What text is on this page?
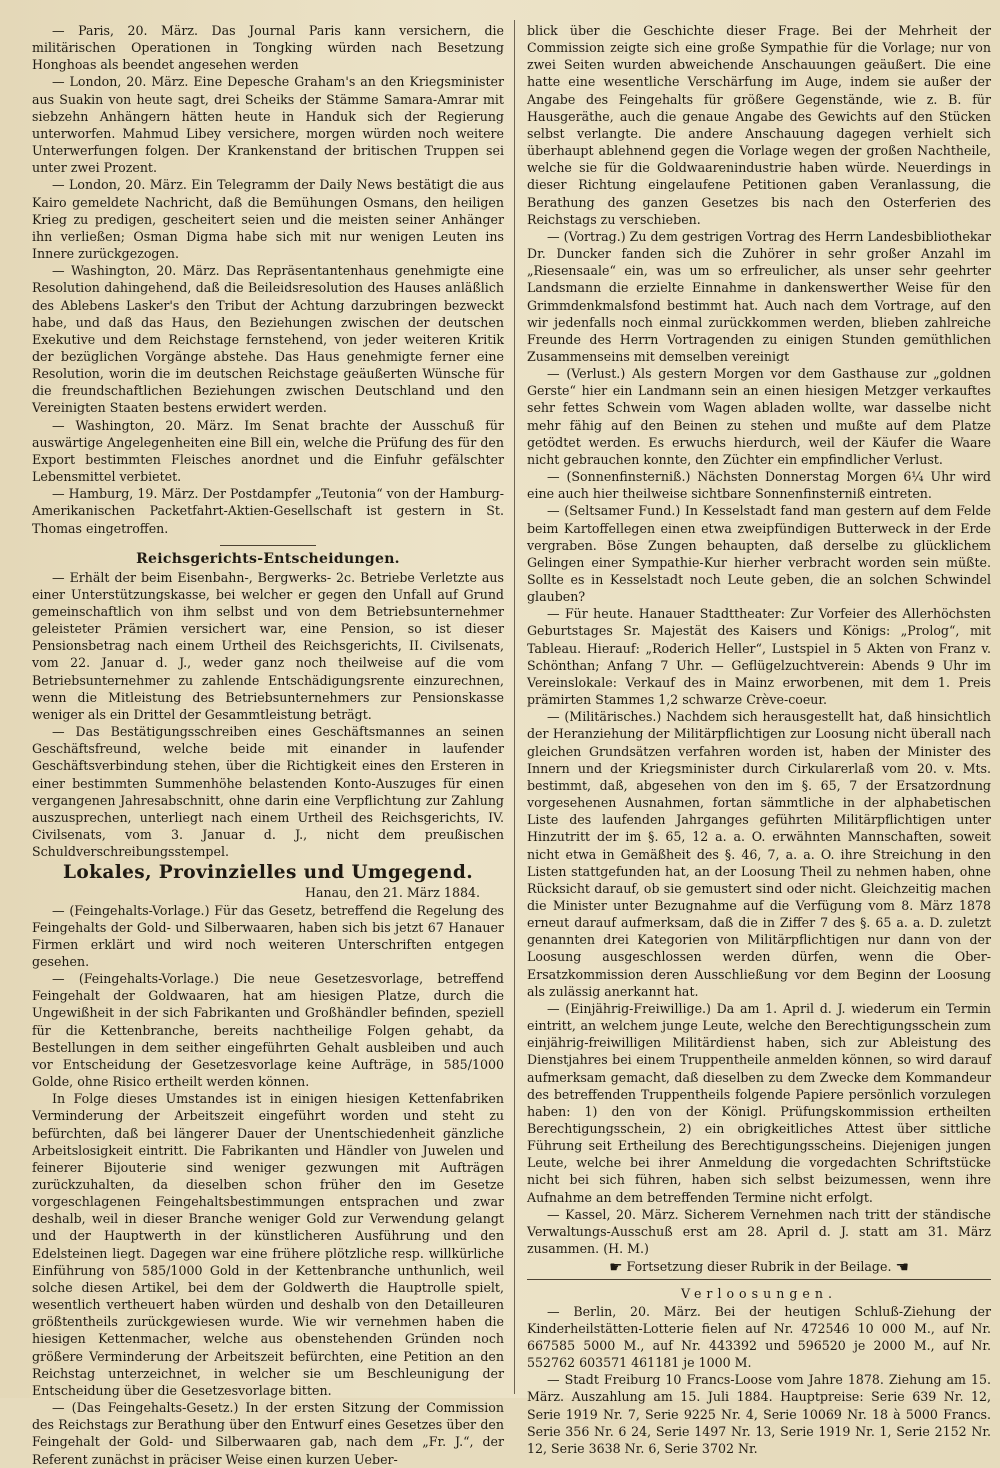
— Paris, 20. März. Das Journal Paris kann versichern, die militärischen Operationen in Tongking würden nach Besetzung Honghoas als beendet angesehen werden

— London, 20. März. Eine Depesche Graham's an den Kriegsminister aus Suakin von heute sagt, drei Scheiks der Stämme Samara-Amrar mit siebzehn Anhängern hätten heute in Handuk sich der Regierung unterworfen. Mahmud Libey versichere, morgen würden noch weitere Unterwerfungen folgen. Der Krankenstand der britischen Truppen sei unter zwei Prozent.

— London, 20. März. Ein Telegramm der Daily News bestätigt die aus Kairo gemeldete Nachricht, daß die Bemühungen Osmans, den heiligen Krieg zu predigen, gescheitert seien und die meisten seiner Anhänger ihn verließen; Osman Digma habe sich mit nur wenigen Leuten ins Innere zurückgezogen.

— Washington, 20. März. Das Repräsentantenhaus genehmigte eine Resolution dahingehend, daß die Beileidsresolution des Hauses anläßlich des Ablebens Lasker's den Tribut der Achtung darzubringen bezweckt habe, und daß das Haus, den Beziehungen zwischen der deutschen Exekutive und dem Reichstage fernstehend, von jeder weiteren Kritik der bezüglichen Vorgänge abstehe. Das Haus genehmigte ferner eine Resolution, worin die im deutschen Reichstage geäußerten Wünsche für die freundschaftlichen Beziehungen zwischen Deutschland und den Vereinigten Staaten bestens erwidert werden.

— Washington, 20. März. Im Senat brachte der Ausschuß für auswärtige Angelegenheiten eine Bill ein, welche die Prüfung des für den Export bestimmten Fleisches anordnet und die Einfuhr gefälschter Lebensmittel verbietet.

— Hamburg, 19. März. Der Postdampfer „Teutonia“ von der Hamburg-Amerikanischen Packetfahrt-Aktien-Gesellschaft ist gestern in St. Thomas eingetroffen.

Reichsgerichts-Entscheidungen.

— Erhält der beim Eisenbahn-, Bergwerks- 2c. Betriebe Verletzte aus einer Unterstützungskasse, bei welcher er gegen den Unfall auf Grund gemeinschaftlich von ihm selbst und von dem Betriebsunternehmer geleisteter Prämien versichert war, eine Pension, so ist dieser Pensionsbetrag nach einem Urtheil des Reichsgerichts, II. Civilsenats, vom 22. Januar d. J., weder ganz noch theilweise auf die vom Betriebsunternehmer zu zahlende Entschädigungsrente einzurechnen, wenn die Mitleistung des Betriebsunternehmers zur Pensionskasse weniger als ein Drittel der Gesammtleistung beträgt.

— Das Bestätigungsschreiben eines Geschäftsmannes an seinen Geschäftsfreund, welche beide mit einander in laufender Geschäftsverbindung stehen, über die Richtigkeit eines den Ersteren in einer bestimmten Summenhöhe belastenden Konto-Auszuges für einen vergangenen Jahresabschnitt, ohne darin eine Verpflichtung zur Zahlung auszusprechen, unterliegt nach einem Urtheil des Reichsgerichts, IV. Civilsenats, vom 3. Januar d. J., nicht dem preußischen Schuldverschreibungsstempel.

Lokales, Provinzielles und Umgegend.

Hanau, den 21. März 1884.

— (Feingehalts-Vorlage.) Für das Gesetz, betreffend die Regelung des Feingehalts der Gold- und Silberwaaren, haben sich bis jetzt 67 Hanauer Firmen erklärt und wird noch weiteren Unterschriften entgegen gesehen.

— (Feingehalts-Vorlage.) Die neue Gesetzesvorlage, betreffend Feingehalt der Goldwaaren, hat am hiesigen Platze, durch die Ungewißheit in der sich Fabrikanten und Großhändler befinden, speziell für die Kettenbranche, bereits nachtheilige Folgen gehabt, da Bestellungen in dem seither eingeführten Gehalt ausbleiben und auch vor Entscheidung der Gesetzesvorlage keine Aufträge, in 585/1000 Golde, ohne Risico ertheilt werden können.

In Folge dieses Umstandes ist in einigen hiesigen Kettenfabriken Verminderung der Arbeitszeit eingeführt worden und steht zu befürchten, daß bei längerer Dauer der Unentschiedenheit gänzliche Arbeitslosigkeit eintritt. Die Fabrikanten und Händler von Juwelen und feinerer Bijouterie sind weniger gezwungen mit Aufträgen zurückzuhalten, da dieselben schon früher den im Gesetze vorgeschlagenen Feingehaltsbestimmungen entsprachen und zwar deshalb, weil in dieser Branche weniger Gold zur Verwendung gelangt und der Hauptwerth in der künstlicheren Ausführung und den Edelsteinen liegt. Dagegen war eine frühere plötzliche resp. willkürliche Einführung von 585/1000 Gold in der Kettenbranche unthunlich, weil solche diesen Artikel, bei dem der Goldwerth die Hauptrolle spielt, wesentlich vertheuert haben würden und deshalb von den Detailleuren größtentheils zurückgewiesen wurde. Wie wir vernehmen haben die hiesigen Kettenmacher, welche aus obenstehenden Gründen noch größere Verminderung der Arbeitszeit befürchten, eine Petition an den Reichstag unterzeichnet, in welcher sie um Beschleunigung der Entscheidung über die Gesetzesvorlage bitten.

— (Das Feingehalts-Gesetz.) In der ersten Sitzung der Commission des Reichstags zur Berathung über den Entwurf eines Gesetzes über den Feingehalt der Gold- und Silberwaaren gab, nach dem „Fr. J.“, der Referent zunächst in präciser Weise einen kurzen Ueber-

blick über die Geschichte dieser Frage. Bei der Mehrheit der Commission zeigte sich eine große Sympathie für die Vorlage; nur von zwei Seiten wurden abweichende Anschauungen geäußert. Die eine hatte eine wesentliche Verschärfung im Auge, indem sie außer der Angabe des Feingehalts für größere Gegenstände, wie z. B. für Hausgeräthe, auch die genaue Angabe des Gewichts auf den Stücken selbst verlangte. Die andere Anschauung dagegen verhielt sich überhaupt ablehnend gegen die Vorlage wegen der großen Nachtheile, welche sie für die Goldwaarenindustrie haben würde. Neuerdings in dieser Richtung eingelaufene Petitionen gaben Veranlassung, die Berathung des ganzen Gesetzes bis nach den Osterferien des Reichstags zu verschieben.

— (Vortrag.) Zu dem gestrigen Vortrag des Herrn Landesbibliothekar Dr. Duncker fanden sich die Zuhörer in sehr großer Anzahl im „Riesensaale“ ein, was um so erfreulicher, als unser sehr geehrter Landsmann die erzielte Einnahme in dankenswerther Weise für den Grimmdenkmalsfond bestimmt hat. Auch nach dem Vortrage, auf den wir jedenfalls noch einmal zurückkommen werden, blieben zahlreiche Freunde des Herrn Vortragenden zu einigen Stunden gemüthlichen Zusammenseins mit demselben vereinigt

— (Verlust.) Als gestern Morgen vor dem Gasthause zur „goldnen Gerste“ hier ein Landmann sein an einen hiesigen Metzger verkauftes sehr fettes Schwein vom Wagen abladen wollte, war dasselbe nicht mehr fähig auf den Beinen zu stehen und mußte auf dem Platze getödtet werden. Es erwuchs hierdurch, weil der Käufer die Waare nicht gebrauchen konnte, den Züchter ein empfindlicher Verlust.

— (Sonnenfinsterniß.) Nächsten Donnerstag Morgen 6¼ Uhr wird eine auch hier theilweise sichtbare Sonnenfinsterniß eintreten.

— (Seltsamer Fund.) In Kesselstadt fand man gestern auf dem Felde beim Kartoffellegen einen etwa zweipfündigen Butterweck in der Erde vergraben. Böse Zungen behaupten, daß derselbe zu glücklichem Gelingen einer Sympathie-Kur hierher verbracht worden sein müßte. Sollte es in Kesselstadt noch Leute geben, die an solchen Schwindel glauben?

— Für heute. Hanauer Stadttheater: Zur Vorfeier des Allerhöchsten Geburtstages Sr. Majestät des Kaisers und Königs: „Prolog“, mit Tableau. Hierauf: „Roderich Heller“, Lustspiel in 5 Akten von Franz v. Schönthan; Anfang 7 Uhr. — Geflügelzuchtverein: Abends 9 Uhr im Vereinslokale: Verkauf des in Mainz erworbenen, mit dem 1. Preis prämirten Stammes 1,2 schwarze Crève-coeur.

— (Militärisches.) Nachdem sich herausgestellt hat, daß hinsichtlich der Heranziehung der Militärpflichtigen zur Loosung nicht überall nach gleichen Grundsätzen verfahren worden ist, haben der Minister des Innern und der Kriegsminister durch Cirkularerlaß vom 20. v. Mts. bestimmt, daß, abgesehen von den im §. 65, 7 der Ersatzordnung vorgesehenen Ausnahmen, fortan sämmtliche in der alphabetischen Liste des laufenden Jahrganges geführten Militärpflichtigen unter Hinzutritt der im §. 65, 12 a. a. O. erwähnten Mannschaften, soweit nicht etwa in Gemäßheit des §. 46, 7, a. a. O. ihre Streichung in den Listen stattgefunden hat, an der Loosung Theil zu nehmen haben, ohne Rücksicht darauf, ob sie gemustert sind oder nicht. Gleichzeitig machen die Minister unter Bezugnahme auf die Verfügung vom 8. März 1878 erneut darauf aufmerksam, daß die in Ziffer 7 des §. 65 a. a. D. zuletzt genannten drei Kategorien von Militärpflichtigen nur dann von der Loosung ausgeschlossen werden dürfen, wenn die Ober-Ersatzkommission deren Ausschließung vor dem Beginn der Loosung als zulässig anerkannt hat.

— (Einjährig-Freiwillige.) Da am 1. April d. J. wiederum ein Termin eintritt, an welchem junge Leute, welche den Berechtigungsschein zum einjährig-freiwilligen Militärdienst haben, sich zur Ableistung des Dienstjahres bei einem Truppentheile anmelden können, so wird darauf aufmerksam gemacht, daß dieselben zu dem Zwecke dem Kommandeur des betreffenden Truppentheils folgende Papiere persönlich vorzulegen haben: 1) den von der Königl. Prüfungskommission ertheilten Berechtigungsschein, 2) ein obrigkeitliches Attest über sittliche Führung seit Ertheilung des Berechtigungsscheins. Diejenigen jungen Leute, welche bei ihrer Anmeldung die vorgedachten Schriftstücke nicht bei sich führen, haben sich selbst beizumessen, wenn ihre Aufnahme an dem betreffenden Termine nicht erfolgt.

— Kassel, 20. März. Sicherem Vernehmen nach tritt der ständische Verwaltungs-Ausschuß erst am 28. April d. J. statt am 31. März zusammen. (H. M.)

☛ Fortsetzung dieser Rubrik in der Beilage. ☚

Verloosungen.

— Berlin, 20. März. Bei der heutigen Schluß-Ziehung der Kinderheilstätten-Lotterie fielen auf Nr. 472546 10 000 M., auf Nr. 667585 5000 M., auf Nr. 443392 und 596520 je 2000 M., auf Nr. 552762 603571 461181 je 1000 M.

— Stadt Freiburg 10 Francs-Loose vom Jahre 1878. Ziehung am 15. März. Auszahlung am 15. Juli 1884. Hauptpreise: Serie 639 Nr. 12, Serie 1919 Nr. 7, Serie 9225 Nr. 4, Serie 10069 Nr. 18 à 5000 Francs. Serie 356 Nr. 6 24, Serie 1497 Nr. 13, Serie 1919 Nr. 1, Serie 2152 Nr. 12, Serie 3638 Nr. 6, Serie 3702 Nr.
